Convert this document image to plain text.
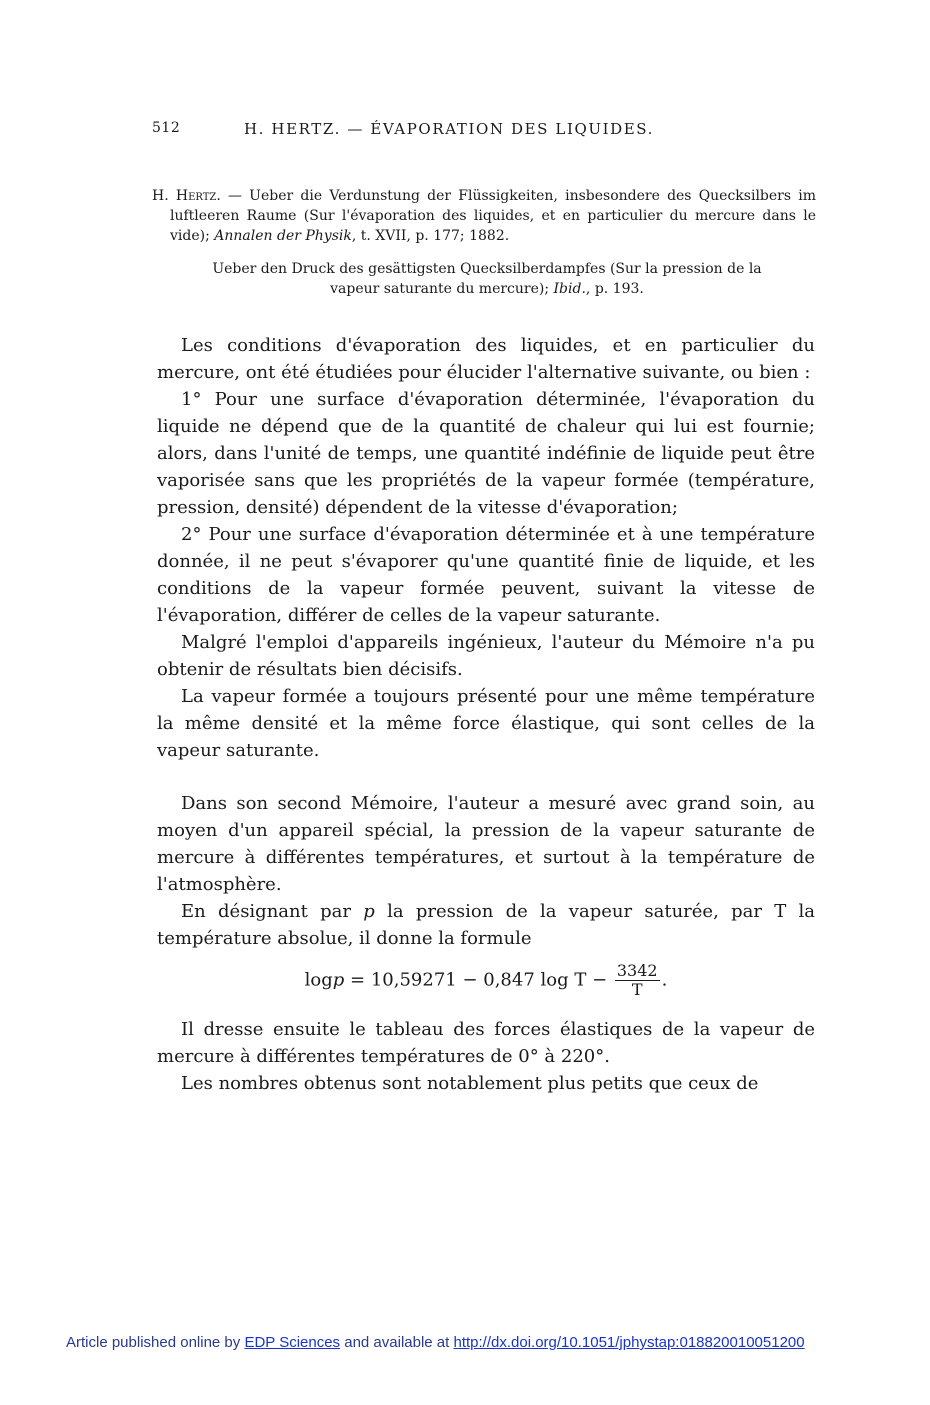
512	H. HERTZ. — ÉVAPORATION DES LIQUIDES.

H. Hertz. — Ueber die Verdunstung der Flüssigkeiten, insbesondere des Quecksilbers im luftleeren Raume (Sur l'évaporation des liquides, et en particulier du mercure dans le vide); Annalen der Physik, t. XVII, p. 177; 1882.

Ueber den Druck des gesättigsten Quecksilberdampfes (Sur la pression de la vapeur saturante du mercure); Ibid., p. 193.

Les conditions d'évaporation des liquides, et en particulier du mercure, ont été étudiées pour élucider l'alternative suivante, ou bien :

1° Pour une surface d'évaporation déterminée, l'évaporation du liquide ne dépend que de la quantité de chaleur qui lui est fournie; alors, dans l'unité de temps, une quantité indéfinie de liquide peut être vaporisée sans que les propriétés de la vapeur formée (température, pression, densité) dépendent de la vitesse d'évaporation;

2° Pour une surface d'évaporation déterminée et à une température donnée, il ne peut s'évaporer qu'une quantité finie de liquide, et les conditions de la vapeur formée peuvent, suivant la vitesse de l'évaporation, différer de celles de la vapeur saturante.

Malgré l'emploi d'appareils ingénieux, l'auteur du Mémoire n'a pu obtenir de résultats bien décisifs.

La vapeur formée a toujours présenté pour une même température la même densité et la même force élastique, qui sont celles de la vapeur saturante.

Dans son second Mémoire, l'auteur a mesuré avec grand soin, au moyen d'un appareil spécial, la pression de la vapeur saturante de mercure à différentes températures, et surtout à la température de l'atmosphère.

En désignant par p la pression de la vapeur saturée, par T la température absolue, il donne la formule

logp = 10,59271 − 0,847 $\log T - \frac{3342}{T}$ .

Il dresse ensuite le tableau des forces élastiques de la vapeur de mercure à différentes températures de 0° à 220°.

Les nombres obtenus sont notablement plus petits que ceux de

Article published online by EDP Sciences and available at http://dx.doi.org/10.1051/jphystap:018820010051200
